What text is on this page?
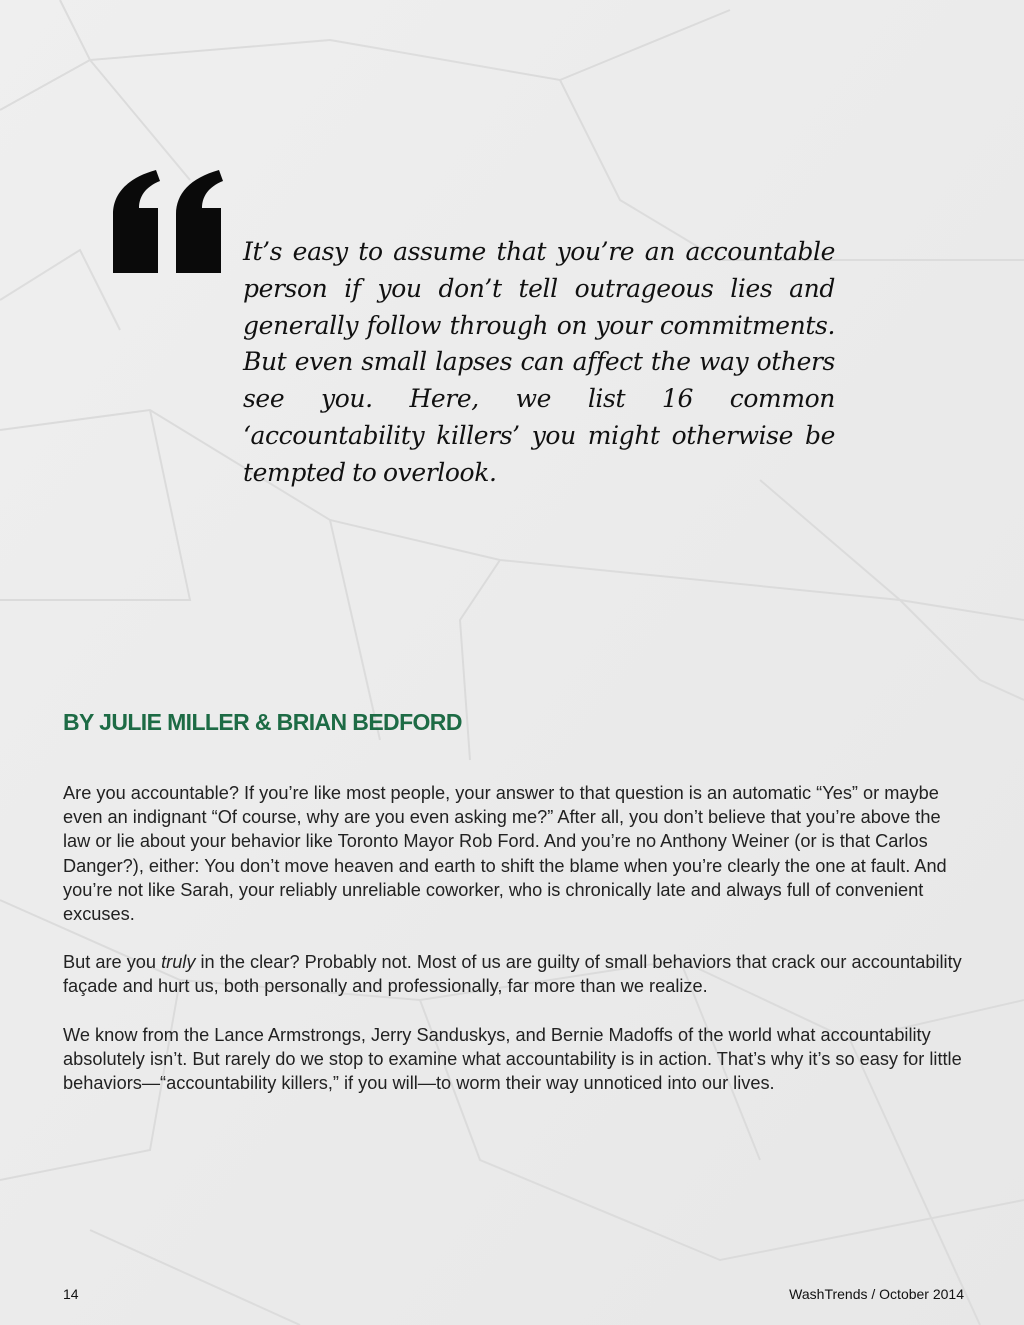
It’s easy to assume that you’re an accountable person if you don’t tell outrageous lies and generally follow through on your commitments. But even small lapses can affect the way others see you. Here, we list 16 common ‘accountability killers’ you might otherwise be tempted to overlook.

BY JULIE MILLER & BRIAN BEDFORD

Are you accountable? If you’re like most people, your answer to that question is an automatic “Yes” or maybe even an indignant “Of course, why are you even asking me?” After all, you don’t believe that you’re above the law or lie about your behavior like Toronto Mayor Rob Ford. And you’re no Anthony Weiner (or is that Carlos Danger?), either: You don’t move heaven and earth to shift the blame when you’re clearly the one at fault. And you’re not like Sarah, your reliably unreliable coworker, who is chronically late and always full of convenient excuses.

But are you truly in the clear? Probably not. Most of us are guilty of small behaviors that crack our accountability façade and hurt us, both personally and professionally, far more than we realize.

We know from the Lance Armstrongs, Jerry Sanduskys, and Bernie Madoffs of the world what accountability absolutely isn’t. But rarely do we stop to examine what accountability is in action. That’s why it’s so easy for little behaviors—“accountability killers,” if you will—to worm their way unnoticed into our lives.

14	WashTrends / October 2014
